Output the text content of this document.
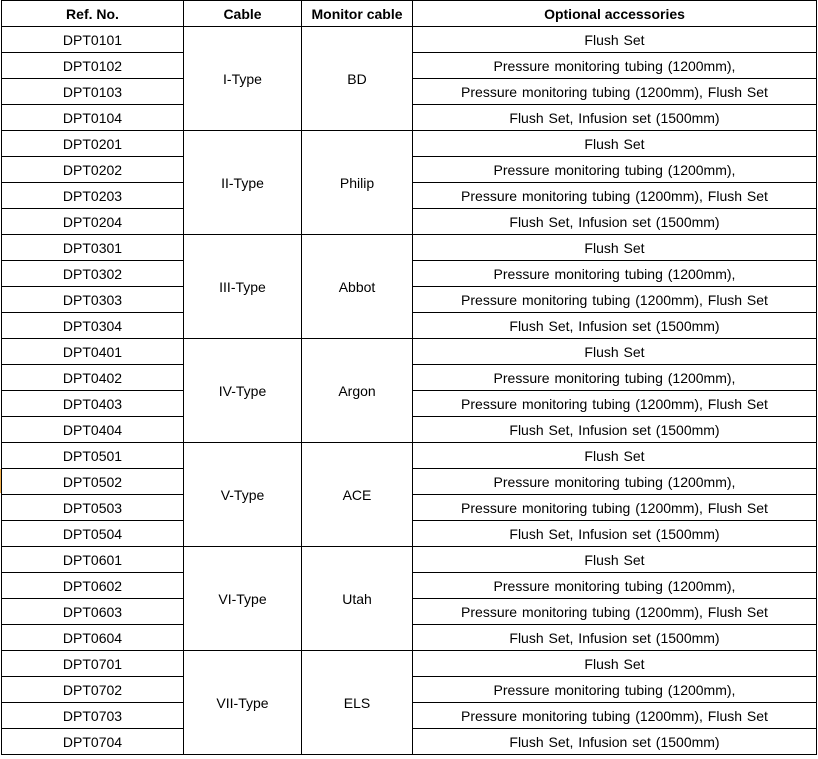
Ref. No.	Cable	Monitor cable	Optional accessories
DPT0101	I-Type	BD	Flush Set
DPT0102			Pressure monitoring tubing (1200mm),
DPT0103			Pressure monitoring tubing (1200mm), Flush Set
DPT0104			Flush Set, Infusion set (1500mm)
DPT0201	II-Type	Philip	Flush Set
DPT0202			Pressure monitoring tubing (1200mm),
DPT0203			Pressure monitoring tubing (1200mm), Flush Set
DPT0204			Flush Set, Infusion set (1500mm)
DPT0301	III-Type	Abbot	Flush Set
DPT0302			Pressure monitoring tubing (1200mm),
DPT0303			Pressure monitoring tubing (1200mm), Flush Set
DPT0304			Flush Set, Infusion set (1500mm)
DPT0401	IV-Type	Argon	Flush Set
DPT0402			Pressure monitoring tubing (1200mm),
DPT0403			Pressure monitoring tubing (1200mm), Flush Set
DPT0404			Flush Set, Infusion set (1500mm)
DPT0501	V-Type	ACE	Flush Set
DPT0502			Pressure monitoring tubing (1200mm),
DPT0503			Pressure monitoring tubing (1200mm), Flush Set
DPT0504			Flush Set, Infusion set (1500mm)
DPT0601	VI-Type	Utah	Flush Set
DPT0602			Pressure monitoring tubing (1200mm),
DPT0603			Pressure monitoring tubing (1200mm), Flush Set
DPT0604			Flush Set, Infusion set (1500mm)
DPT0701	VII-Type	ELS	Flush Set
DPT0702			Pressure monitoring tubing (1200mm),
DPT0703			Pressure monitoring tubing (1200mm), Flush Set
DPT0704			Flush Set, Infusion set (1500mm)
